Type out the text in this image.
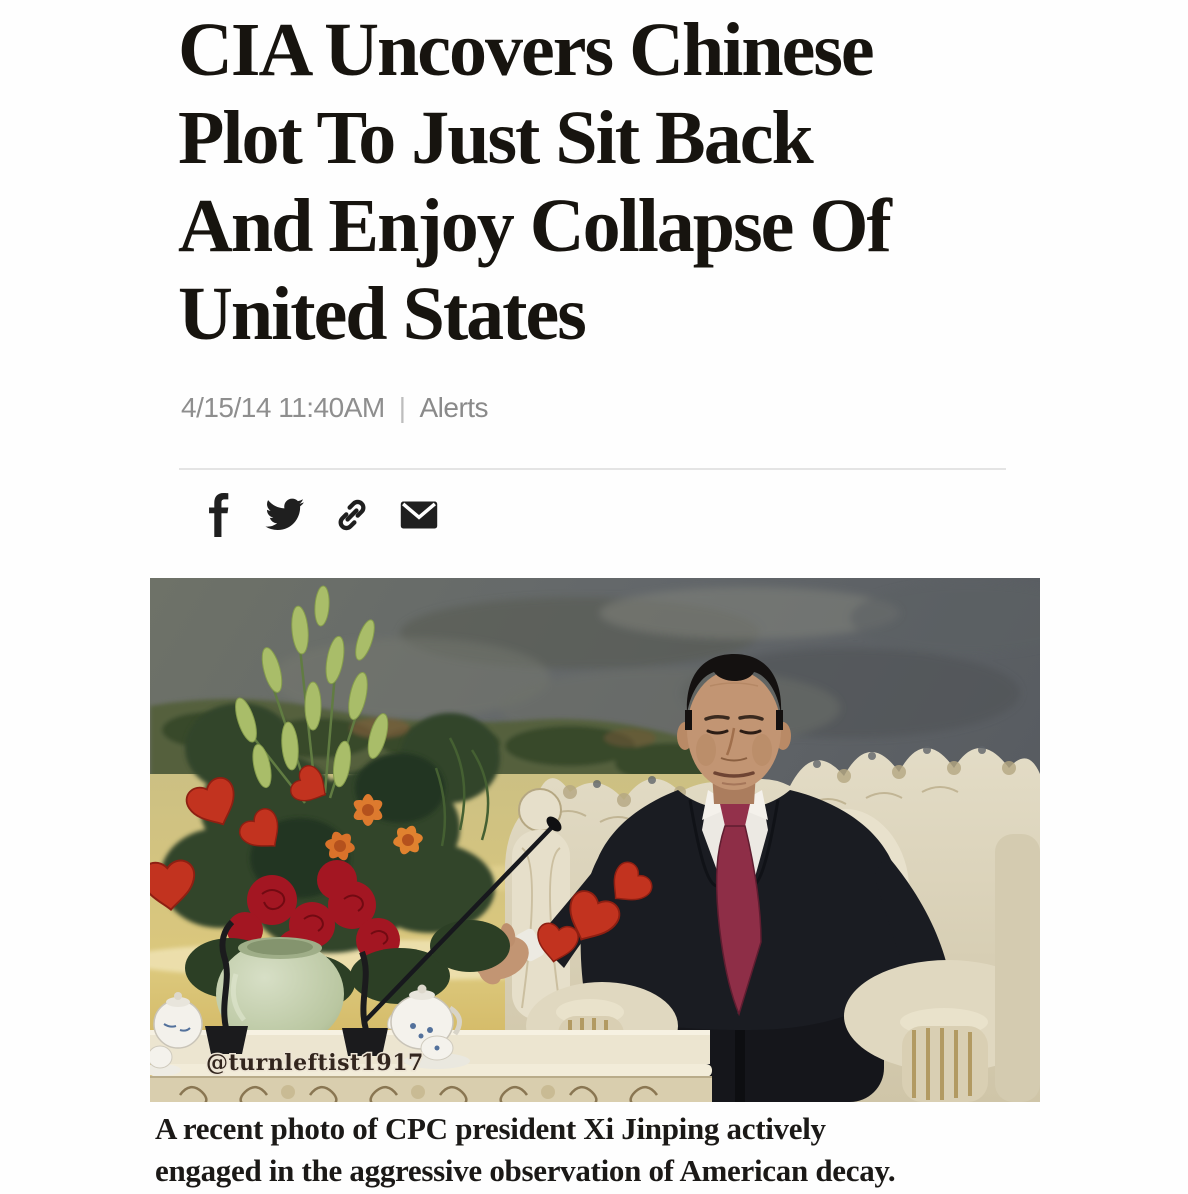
CIA Uncovers Chinese
Plot To Just Sit Back
And Enjoy Collapse Of
United States
4/15/14 11:40AM | Alerts
@turnleftist1917
A recent photo of CPC president Xi Jinping actively
engaged in the aggressive observation of American decay.
